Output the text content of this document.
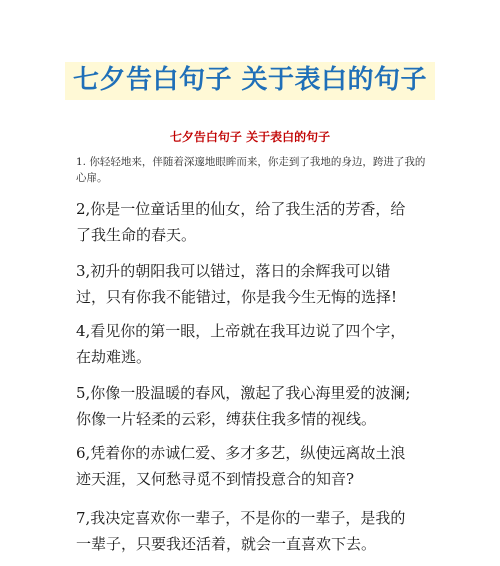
七夕告白句子 关于表白的句子
七夕告白句子 关于表白的句子
1. 你轻轻地来，伴随着深邃地眼眸而来，你走到了我地的身边，跨进了我的心扉。
2,你是一位童话里的仙女，给了我生活的芳香，给了我生命的春天。
3,初升的朝阳我可以错过，落日的余辉我可以错过，只有你我不能错过，你是我今生无悔的选择!
4,看见你的第一眼，上帝就在我耳边说了四个字，在劫难逃。
5,你像一股温暖的春风，激起了我心海里爱的波澜;你像一片轻柔的云彩，缚获住我多情的视线。
6,凭着你的赤诚仁爱、多才多艺，纵使远离故土浪迹天涯，又何愁寻觅不到情投意合的知音?
7,我决定喜欢你一辈子，不是你的一辈子，是我的一辈子，只要我还活着，就会一直喜欢下去。
